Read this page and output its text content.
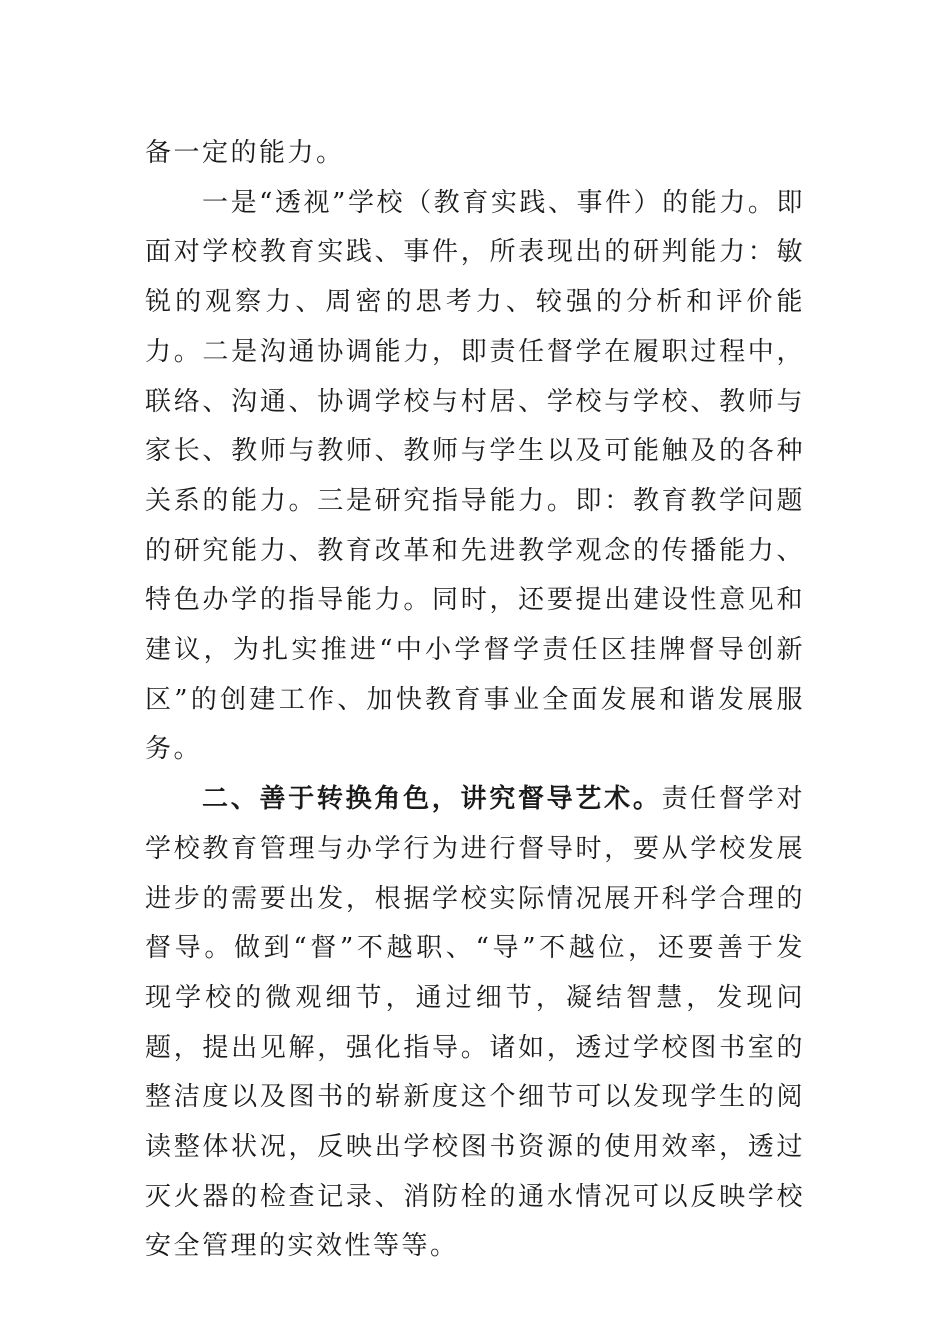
备一定的能力。

一是“透视”学校（教育实践、事件）的能力。即面对学校教育实践、事件，所表现出的研判能力：敏锐的观察力、周密的思考力、较强的分析和评价能力。二是沟通协调能力，即责任督学在履职过程中，联络、沟通、协调学校与村居、学校与学校、教师与家长、教师与教师、教师与学生以及可能触及的各种关系的能力。三是研究指导能力。即：教育教学问题的研究能力、教育改革和先进教学观念的传播能力、特色办学的指导能力。同时，还要提出建设性意见和建议，为扎实推进“中小学督学责任区挂牌督导创新区”的创建工作、加快教育事业全面发展和谐发展服务。

二、善于转换角色，讲究督导艺术。责任督学对学校教育管理与办学行为进行督导时，要从学校发展进步的需要出发，根据学校实际情况展开科学合理的督导。做到“督”不越职、“导”不越位，还要善于发现学校的微观细节，通过细节，凝结智慧，发现问题，提出见解，强化指导。诸如，透过学校图书室的整洁度以及图书的崭新度这个细节可以发现学生的阅读整体状况，反映出学校图书资源的使用效率，透过灭火器的检查记录、消防栓的通水情况可以反映学校安全管理的实效性等等。
